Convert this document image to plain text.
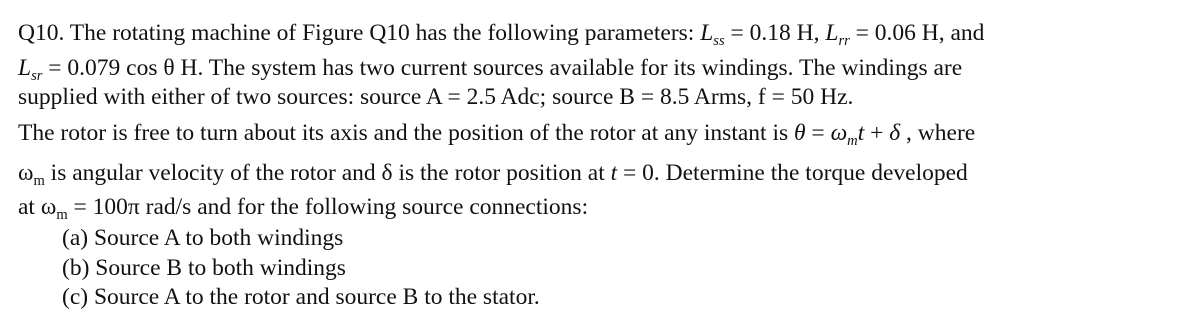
Q10. The rotating machine of Figure Q10 has the following parameters: $L_{ss} = 0.18$ H, $L_{rr} = 0.06$ H, and
$L_{sr} = 0.079$ cos θ H. The system has two current sources available for its windings. The windings are
supplied with either of two sources: source A = 2.5 Adc; source B = 8.5 Arms, f = 50 Hz.
The rotor is free to turn about its axis and the position of the rotor at any instant is $\theta = \omega_mt + \delta$ , where
$\omega_m$ is angular velocity of the rotor and δ is the rotor position at t = 0. Determine the torque developed
at $\omega_m = 100\pi$ rad/s and for the following source connections:
(a) Source A to both windings
(b) Source B to both windings
(c) Source A to the rotor and source B to the stator.
